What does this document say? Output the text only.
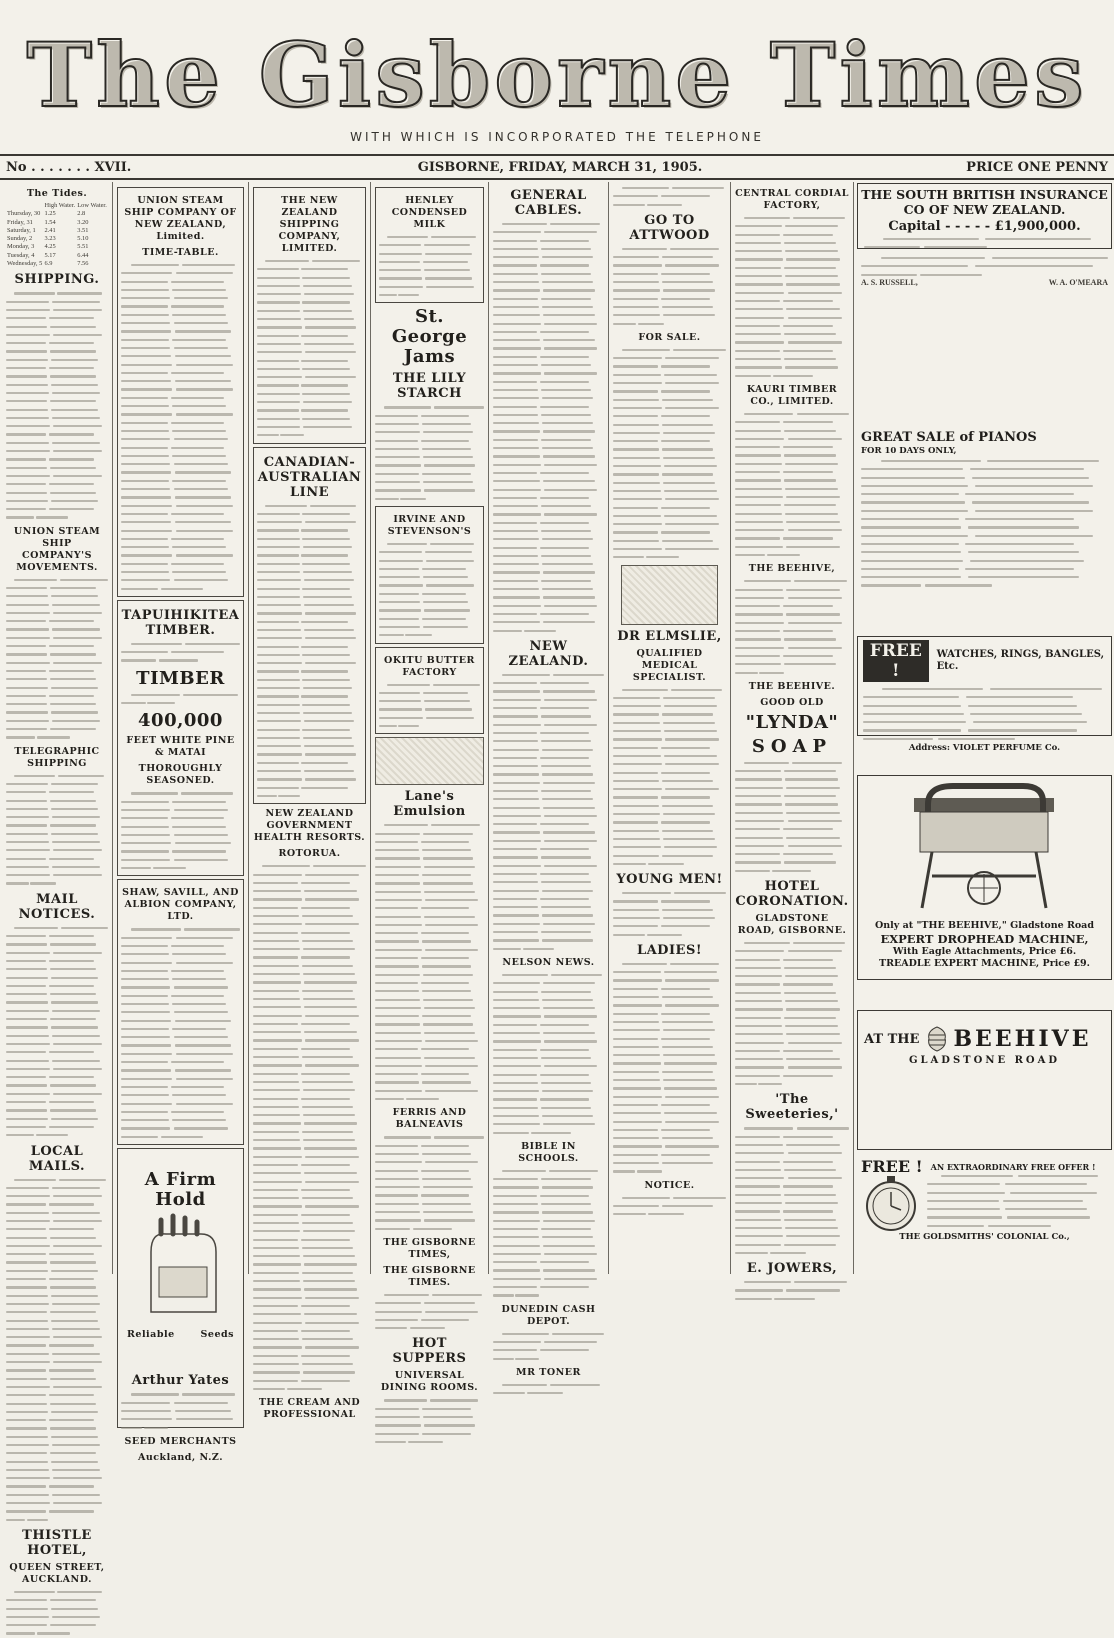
The Gisborne Times
WITH WHICH IS INCORPORATED THE TELEPHONE
No . . . . . . . XVII.	GISBORNE, FRIDAY, MARCH 31, 1905.	PRICE ONE PENNY
The Tides.
	High Water.	Low Water.
Thursday, 30	1.25	2.8
Friday, 31	1.54	3.20
Saturday, 1	2.41	3.51
Sunday, 2	3.23	5.10
Monday, 3	4.25	5.51
Tuesday, 4	5.17	6.44
Wednesday, 5	6.9	7.56
SHIPPING.
UNION STEAM SHIP COMPANY'S MOVEMENTS.
TELEGRAPHIC SHIPPING
MAIL NOTICES.
LOCAL MAILS.
THISTLE HOTEL,
QUEEN STREET, AUCKLAND.
UNION STEAM SHIP COMPANY OF NEW ZEALAND, Limited.
TIME-TABLE.
TAPUIHIKITEA TIMBER.
TIMBER
400,000
FEET WHITE PINE & MATAI
THOROUGHLY SEASONED.
SHAW, SAVILL, AND ALBION COMPANY, LTD.
A Firm Hold
Reliable	Seeds
Arthur Yates
SEED MERCHANTS
Auckland, N.Z.
THE NEW ZEALAND SHIPPING COMPANY, LIMITED.
CANADIAN-AUSTRALIAN LINE
NEW ZEALAND GOVERNMENT HEALTH RESORTS.
ROTORUA.
THE CREAM AND PROFESSIONAL
HENLEY CONDENSED MILK
St. George Jams
THE LILY STARCH
IRVINE AND STEVENSON'S
OKITU BUTTER FACTORY
Lane's Emulsion
FERRIS AND BALNEAVIS
THE GISBORNE TIMES,
THE GISBORNE TIMES.
HOT SUPPERS
UNIVERSAL DINING ROOMS.
GENERAL CABLES.
NEW ZEALAND.
NELSON NEWS.
BIBLE IN SCHOOLS.
DUNEDIN CASH DEPOT.
MR TONER
GO TO ATTWOOD
FOR SALE.
DR ELMSLIE,
QUALIFIED MEDICAL SPECIALIST.
YOUNG MEN!
LADIES!
NOTICE.
CENTRAL CORDIAL FACTORY,
KAURI TIMBER CO., LIMITED.
THE BEEHIVE,
THE BEEHIVE.
GOOD OLD
"LYNDA"
SOAP
HOTEL CORONATION.
GLADSTONE ROAD, GISBORNE.
'The Sweeteries,'
E. JOWERS,
THE SOUTH BRITISH INSURANCE CO OF NEW ZEALAND.
Capital - - - - - £1,900,000.
A. S. RUSSELL,	W. A. O'MEARA
GREAT SALE of PIANOS
FOR 10 DAYS ONLY,
FREE !
WATCHES, RINGS, BANGLES, Etc.
Address: VIOLET PERFUME Co.
Only at "THE BEEHIVE," Gladstone Road
EXPERT DROPHEAD MACHINE,
With Eagle Attachments, Price £6.
TREADLE EXPERT MACHINE, Price £9.
AT THE BEEHIVE
GLADSTONE ROAD
FREE ! AN EXTRAORDINARY FREE OFFER !
THE GOLDSMITHS' COLONIAL Co.,
